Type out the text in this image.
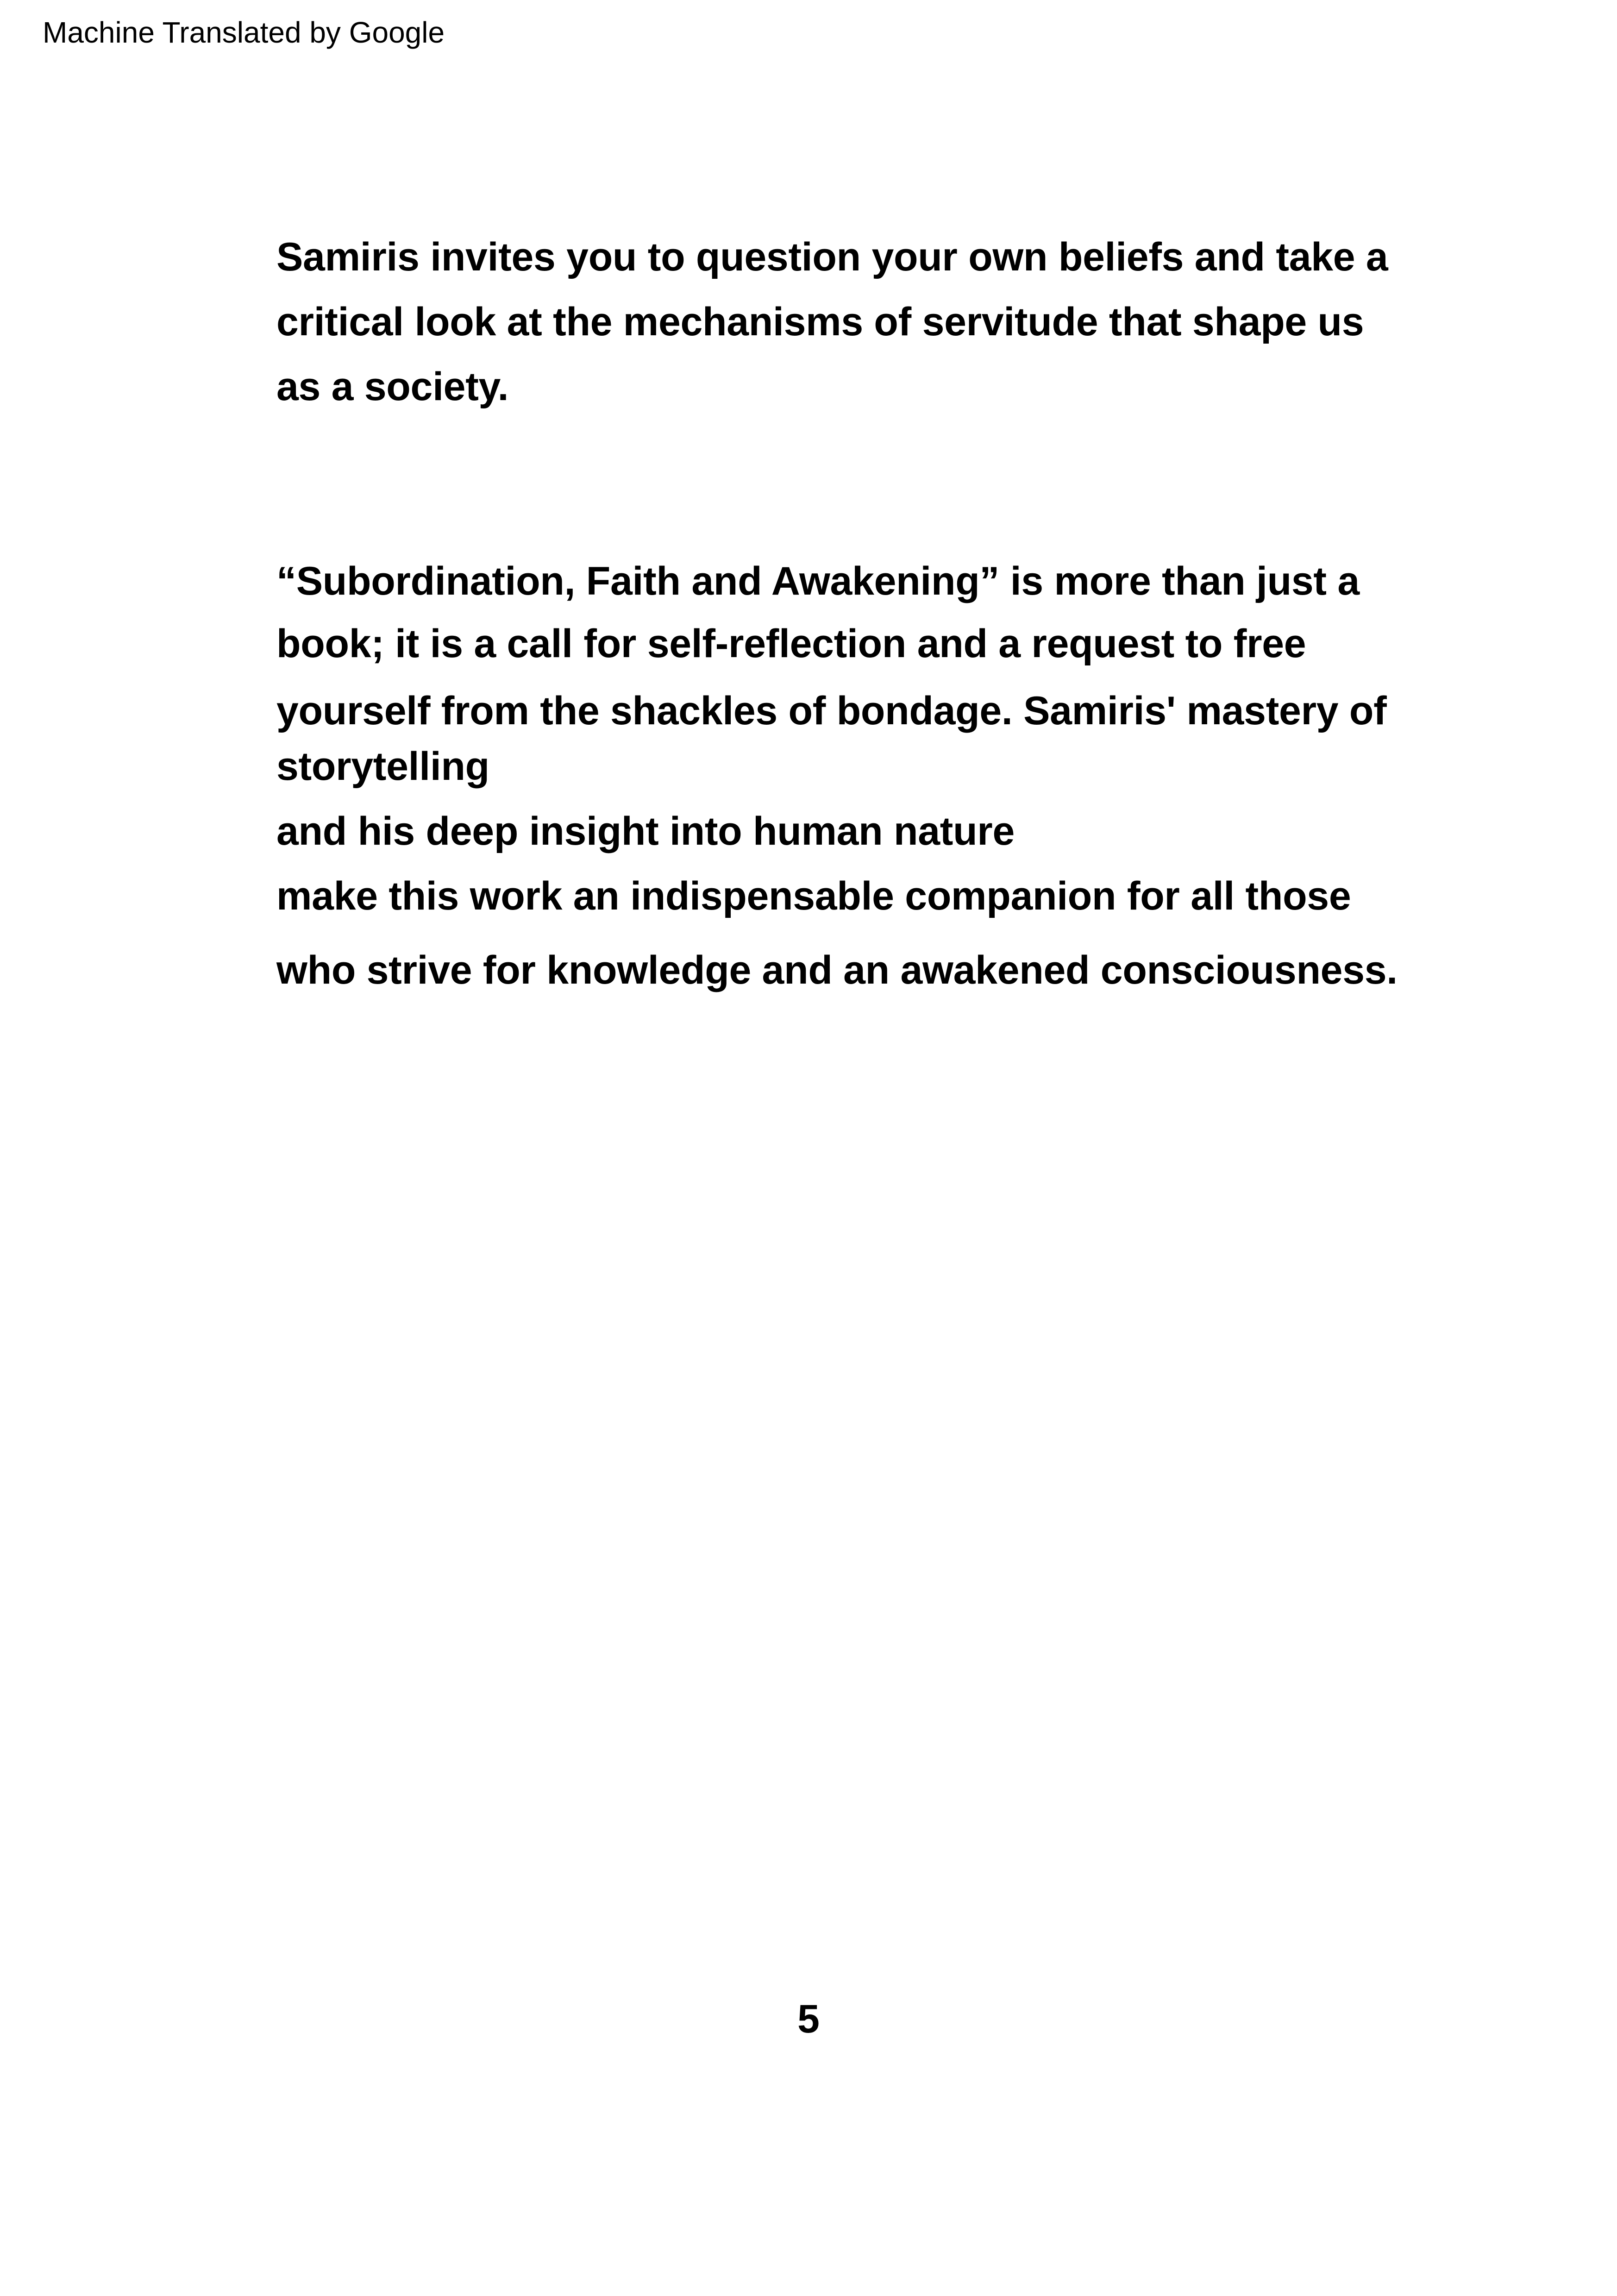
Machine Translated by Google
Samiris invites you to question your own beliefs and take a
critical look at the mechanisms of servitude that shape us
as a society.
“Subordination, Faith and Awakening” is more than just a
book; it is a call for self-reflection and a request to free
yourself from the shackles of bondage. Samiris' mastery of
storytelling
and his deep insight into human nature
make this work an indispensable companion for all those
who strive for knowledge and an awakened consciousness.
5
